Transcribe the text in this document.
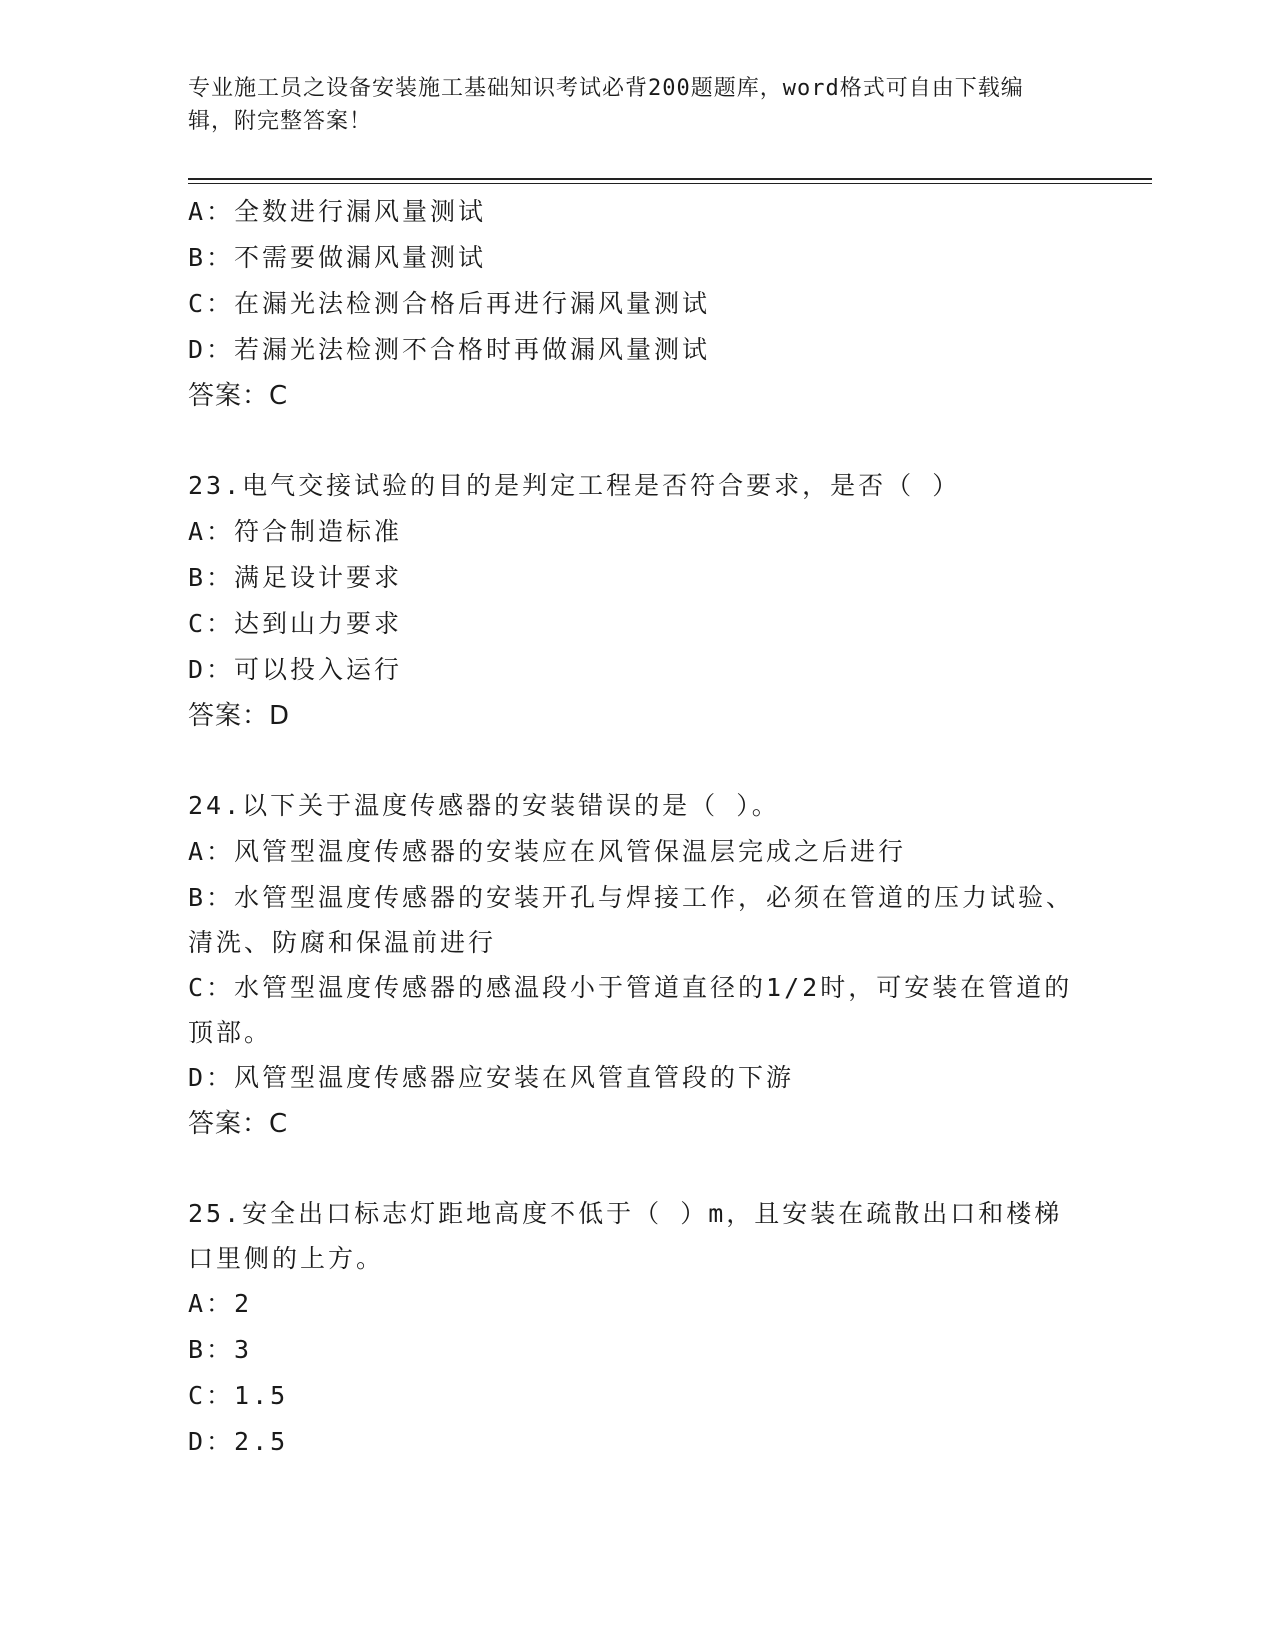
专业施工员之设备安装施工基础知识考试必背200题题库，word格式可自由下载编辑，附完整答案！
A：全数进行漏风量测试
B：不需要做漏风量测试
C：在漏光法检测合格后再进行漏风量测试
D：若漏光法检测不合格时再做漏风量测试
答案：C
23.电气交接试验的目的是判定工程是否符合要求，是否（ ）
A：符合制造标准
B：满足设计要求
C：达到山力要求
D：可以投入运行
答案：D
24.以下关于温度传感器的安装错误的是（ ）。
A：风管型温度传感器的安装应在风管保温层完成之后进行
B：水管型温度传感器的安装开孔与焊接工作，必须在管道的压力试验、清洗、防腐和保温前进行
C：水管型温度传感器的感温段小于管道直径的1/2时，可安装在管道的顶部。
D：风管型温度传感器应安装在风管直管段的下游
答案：C
25.安全出口标志灯距地高度不低于（ ）m，且安装在疏散出口和楼梯口里侧的上方。
A：2
B：3
C：1.5
D：2.5
